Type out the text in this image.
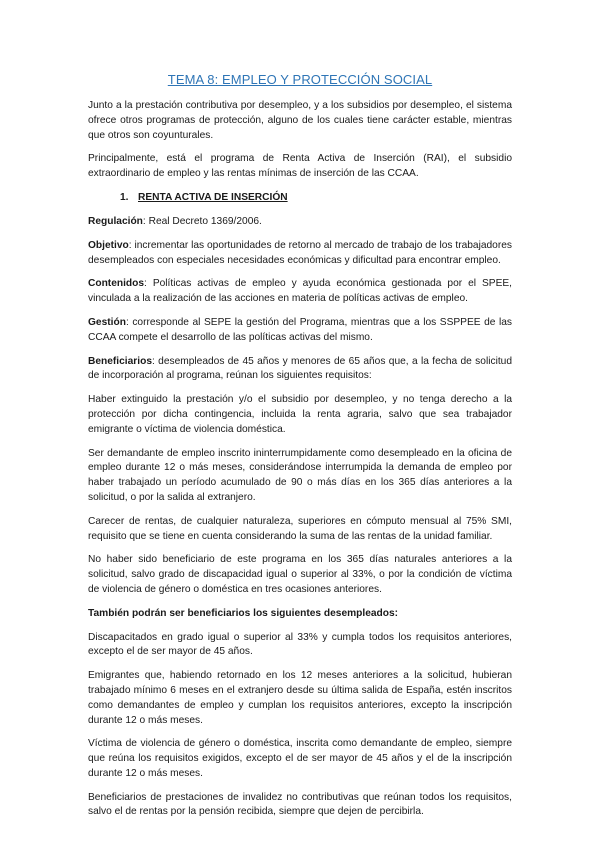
TEMA 8: EMPLEO Y PROTECCIÓN SOCIAL

Junto a la prestación contributiva por desempleo, y a los subsidios por desempleo, el sistema ofrece otros programas de protección, alguno de los cuales tiene carácter estable, mientras que otros son coyunturales.

Principalmente, está el programa de Renta Activa de Inserción (RAI), el subsidio extraordinario de empleo y las rentas mínimas de inserción de las CCAA.

1. RENTA ACTIVA DE INSERCIÓN

Regulación: Real Decreto 1369/2006.

Objetivo: incrementar las oportunidades de retorno al mercado de trabajo de los trabajadores desempleados con especiales necesidades económicas y dificultad para encontrar empleo.

Contenidos: Políticas activas de empleo y ayuda económica gestionada por el SPEE, vinculada a la realización de las acciones en materia de políticas activas de empleo.

Gestión: corresponde al SEPE la gestión del Programa, mientras que a los SSPPEE de las CCAA compete el desarrollo de las políticas activas del mismo.

Beneficiarios: desempleados de 45 años y menores de 65 años que, a la fecha de solicitud de incorporación al programa, reúnan los siguientes requisitos:

Haber extinguido la prestación y/o el subsidio por desempleo, y no tenga derecho a la protección por dicha contingencia, incluida la renta agraria, salvo que sea trabajador emigrante o víctima de violencia doméstica.

Ser demandante de empleo inscrito ininterrumpidamente como desempleado en la oficina de empleo durante 12 o más meses, considerándose interrumpida la demanda de empleo por haber trabajado un período acumulado de 90 o más días en los 365 días anteriores a la solicitud, o por la salida al extranjero.

Carecer de rentas, de cualquier naturaleza, superiores en cómputo mensual al 75% SMI, requisito que se tiene en cuenta considerando la suma de las rentas de la unidad familiar.

No haber sido beneficiario de este programa en los 365 días naturales anteriores a la solicitud, salvo grado de discapacidad igual o superior al 33%, o por la condición de víctima de violencia de género o doméstica en tres ocasiones anteriores.

También podrán ser beneficiarios los siguientes desempleados:

Discapacitados en grado igual o superior al 33% y cumpla todos los requisitos anteriores, excepto el de ser mayor de 45 años.

Emigrantes que, habiendo retornado en los 12 meses anteriores a la solicitud, hubieran trabajado mínimo 6 meses en el extranjero desde su última salida de España, estén inscritos como demandantes de empleo y cumplan los requisitos anteriores, excepto la inscripción durante 12 o más meses.

Víctima de violencia de género o doméstica, inscrita como demandante de empleo, siempre que reúna los requisitos exigidos, excepto el de ser mayor de 45 años y el de la inscripción durante 12 o más meses.

Beneficiarios de prestaciones de invalidez no contributivas que reúnan todos los requisitos, salvo el de rentas por la pensión recibida, siempre que dejen de percibirla.
